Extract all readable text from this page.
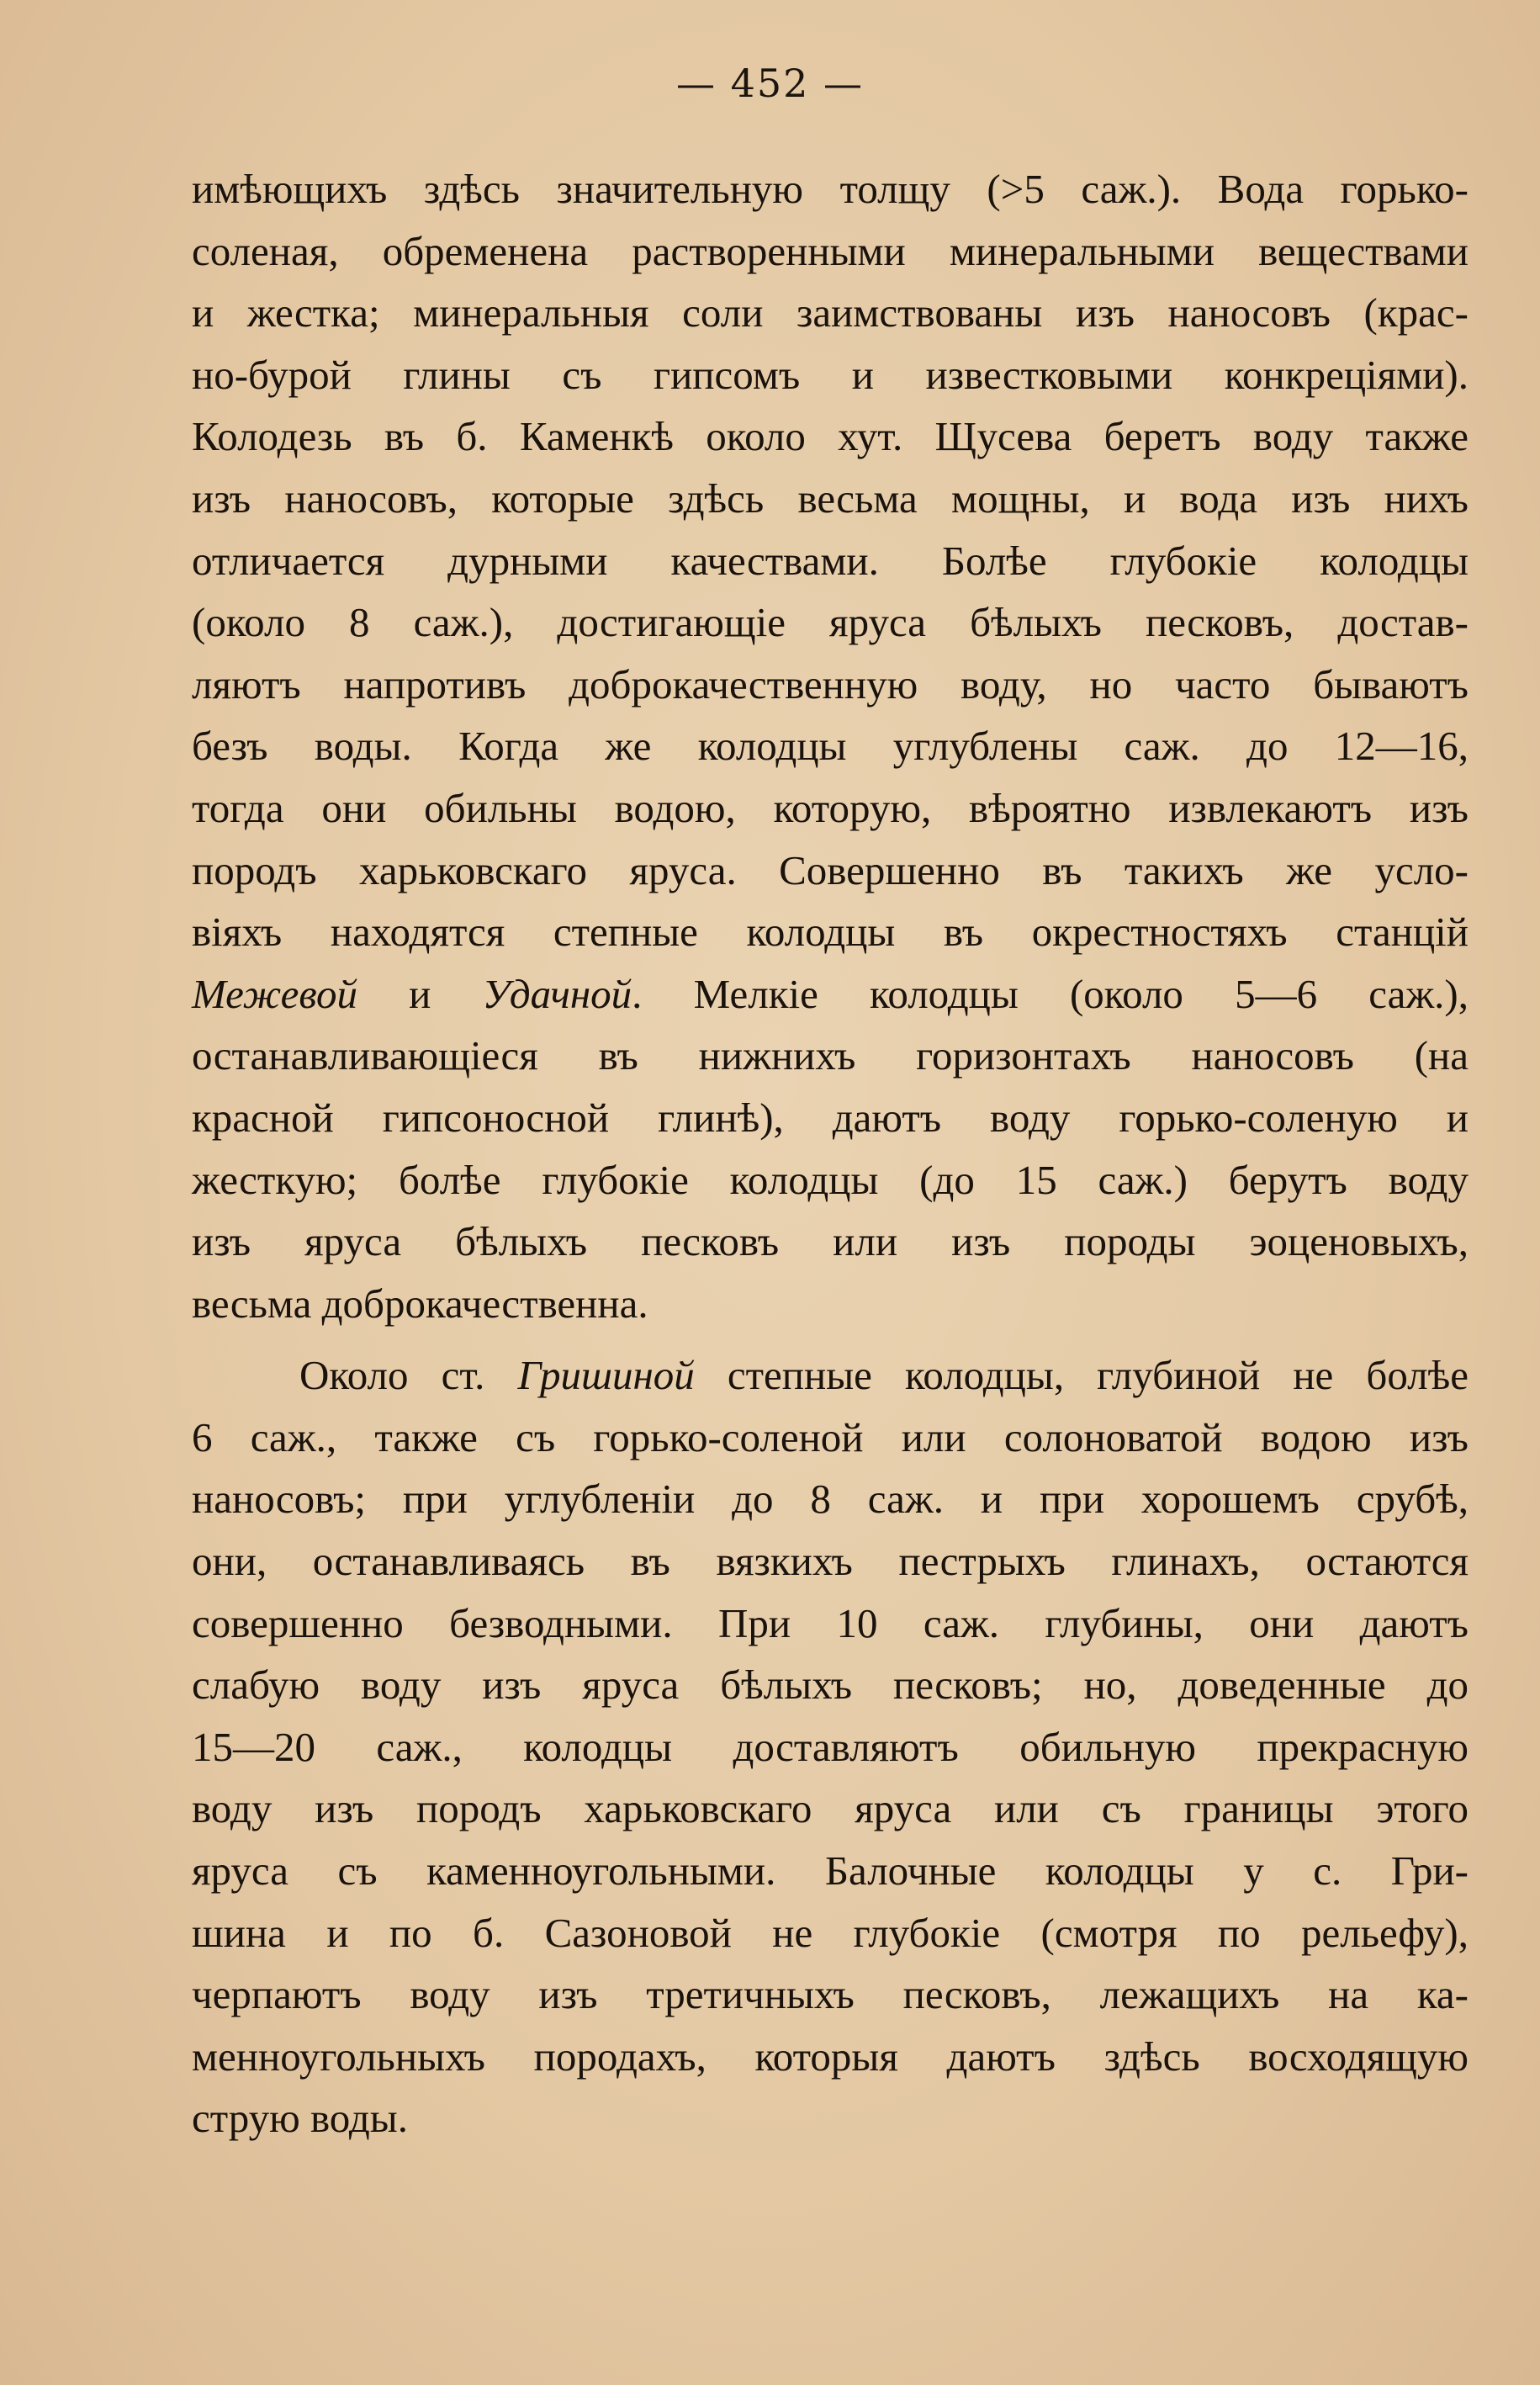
— 452 —
имѣющихъ здѣсь значительную толщу (>5 саж.). Вода горько-
соленая, обременена растворенными минеральными веществами
и жестка; минеральныя соли заимствованы изъ наносовъ (крас-
но-бурой глины съ гипсомъ и известковыми конкреціями).
Колодезь въ б. Каменкѣ около хут. Щусева беретъ воду также
изъ наносовъ, которые здѣсь весьма мощны, и вода изъ нихъ
отличается дурными качествами. Болѣе глубокіе колодцы
(около 8 саж.), достигающіе яруса бѣлыхъ песковъ, достав-
ляютъ напротивъ доброкачественную воду, но часто бываютъ
безъ воды. Когда же колодцы углублены саж. до 12—16,
тогда они обильны водою, которую, вѣроятно извлекаютъ изъ
породъ харьковскаго яруса. Совершенно въ такихъ же усло-
віяхъ находятся степные колодцы въ окрестностяхъ станцій
Межевой и Удачной. Мелкіе колодцы (около 5—6 саж.),
останавливающіеся въ нижнихъ горизонтахъ наносовъ (на
красной гипсоносной глинѣ), даютъ воду горько-соленую и
жесткую; болѣе глубокіе колодцы (до 15 саж.) берутъ воду
изъ яруса бѣлыхъ песковъ или изъ породы эоценовыхъ,
весьма доброкачественна.
Около ст. Гришиной степные колодцы, глубиной не болѣе
6 саж., также съ горько-соленой или солоноватой водою изъ
наносовъ; при углубленіи до 8 саж. и при хорошемъ срубѣ,
они, останавливаясь въ вязкихъ пестрыхъ глинахъ, остаются
совершенно безводными. При 10 саж. глубины, они даютъ
слабую воду изъ яруса бѣлыхъ песковъ; но, доведенные до
15—20 саж., колодцы доставляютъ обильную прекрасную
воду изъ породъ харьковскаго яруса или съ границы этого
яруса съ каменноугольными. Балочные колодцы у с. Гри-
шина и по б. Сазоновой не глубокіе (смотря по рельефу),
черпаютъ воду изъ третичныхъ песковъ, лежащихъ на ка-
менноугольныхъ породахъ, которыя даютъ здѣсь восходящую
струю воды.
